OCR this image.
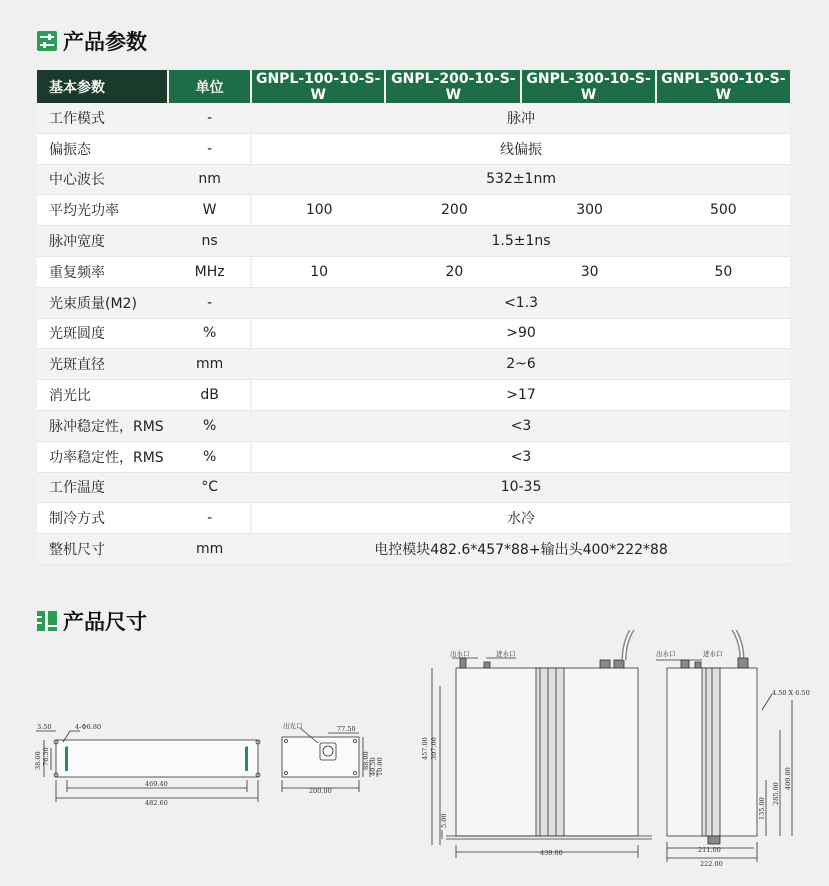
产品参数
基本参数	单位	GNPL-100-10-S-W	GNPL-200-10-S-W	GNPL-300-10-S-W	GNPL-500-10-S-W
工作模式	-	脉冲			
偏振态	-	线偏振			
中心波长	nm	532±1nm			
平均光功率	W	100	200	300	500
脉冲宽度	ns	1.5±1ns			
重复频率	MHz	10	20	30	50
光束质量(M2)	-	<1.3			
光斑圆度	%	>90			
光斑直径	mm	2~6			
消光比	dB	>17			
脉冲稳定性，RMS	%	<3			
功率稳定性，RMS	%	<3			
工作温度	°C	10-35			
制冷方式	-	水冷			
整机尺寸	mm	电控模块482.6*457*88+输出头400*222*88			
产品尺寸
3.50	4-Φ6.80
38.60 76.30
469.40
482.60
出光口	77.50
200.00
10.00
40.50
88.00
出水口	进水口
457.00 397.00
5.00
439.00
出水口	进水口
4.50 X 6.50
400.00
285.00
135.00
211.00
222.00
